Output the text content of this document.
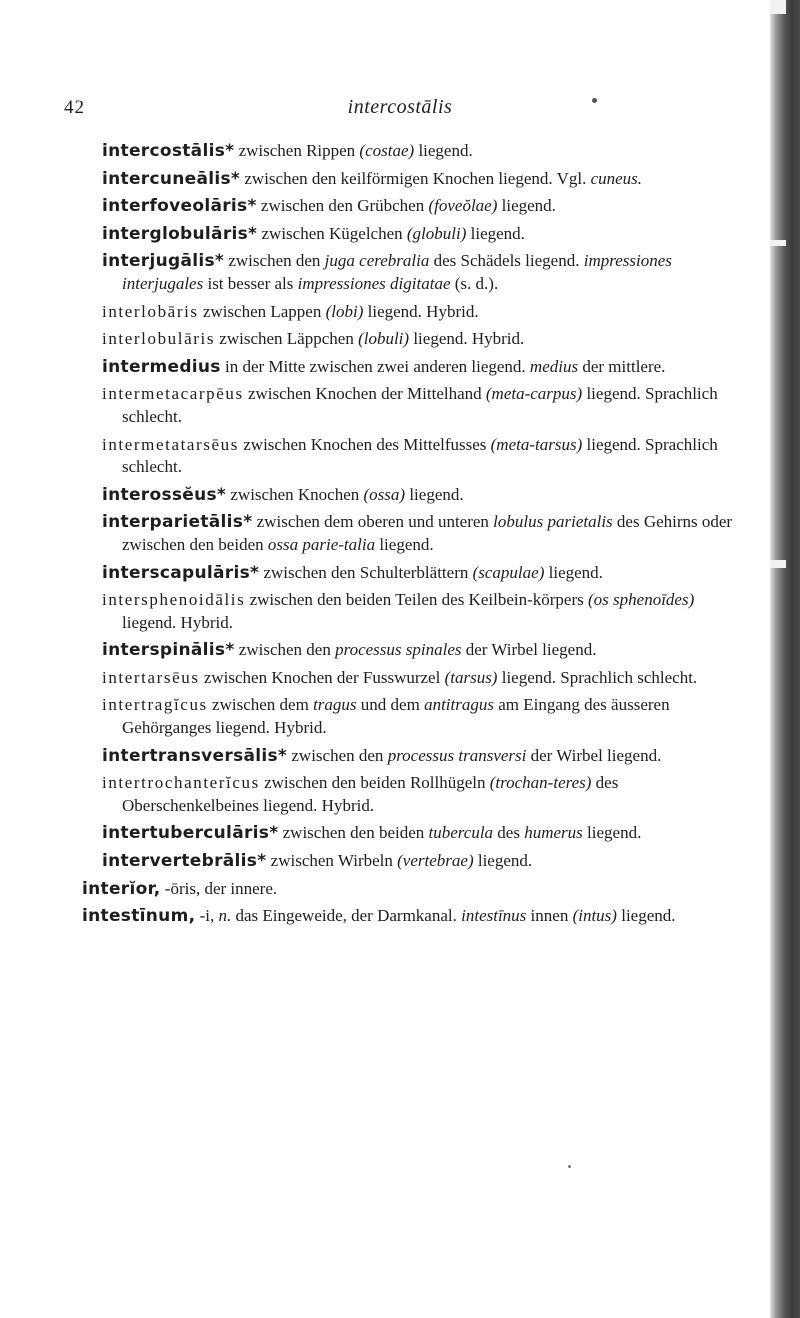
42	intercostālis
intercostālis* zwischen Rippen (costae) liegend.
intercuneālis* zwischen den keilförmigen Knochen liegend. Vgl. cuneus.
interfoveolāris* zwischen den Grübchen (foveŏlae) liegend.
interglobulāris* zwischen Kügelchen (globuli) liegend.
interjugālis* zwischen den juga cerebralia des Schädels liegend. impressiones interjugales ist besser als impressiones digitatae (s. d.).
interlobāris zwischen Lappen (lobi) liegend. Hybrid.
interlobulāris zwischen Läppchen (lobuli) liegend. Hybrid.
intermedius in der Mitte zwischen zwei anderen liegend. medius der mittlere.
intermetacarpēus zwischen Knochen der Mittelhand (meta-carpus) liegend. Sprachlich schlecht.
intermetatarsēus zwischen Knochen des Mittelfusses (meta-tarsus) liegend. Sprachlich schlecht.
interossĕus* zwischen Knochen (ossa) liegend.
interparietālis* zwischen dem oberen und unteren lobulus parietalis des Gehirns oder zwischen den beiden ossa parie-talia liegend.
interscapulāris* zwischen den Schulterblättern (scapulae) liegend.
intersphenoidālis zwischen den beiden Teilen des Keilbein-körpers (os sphenoīdes) liegend. Hybrid.
interspinālis* zwischen den processus spinales der Wirbel liegend.
intertarsēus zwischen Knochen der Fusswurzel (tarsus) liegend. Sprachlich schlecht.
intertragĭcus zwischen dem tragus und dem antitragus am Eingang des äusseren Gehörganges liegend. Hybrid.
intertransversālis* zwischen den processus transversi der Wirbel liegend.
intertrochanterĭcus zwischen den beiden Rollhügeln (trochan-teres) des Oberschenkelbeines liegend. Hybrid.
intertuberculāris* zwischen den beiden tubercula des humerus liegend.
intervertebrālis* zwischen Wirbeln (vertebrae) liegend.
interĭor, -ōris, der innere.
intestīnum, -i, n. das Eingeweide, der Darmkanal. intestīnus innen (intus) liegend.
